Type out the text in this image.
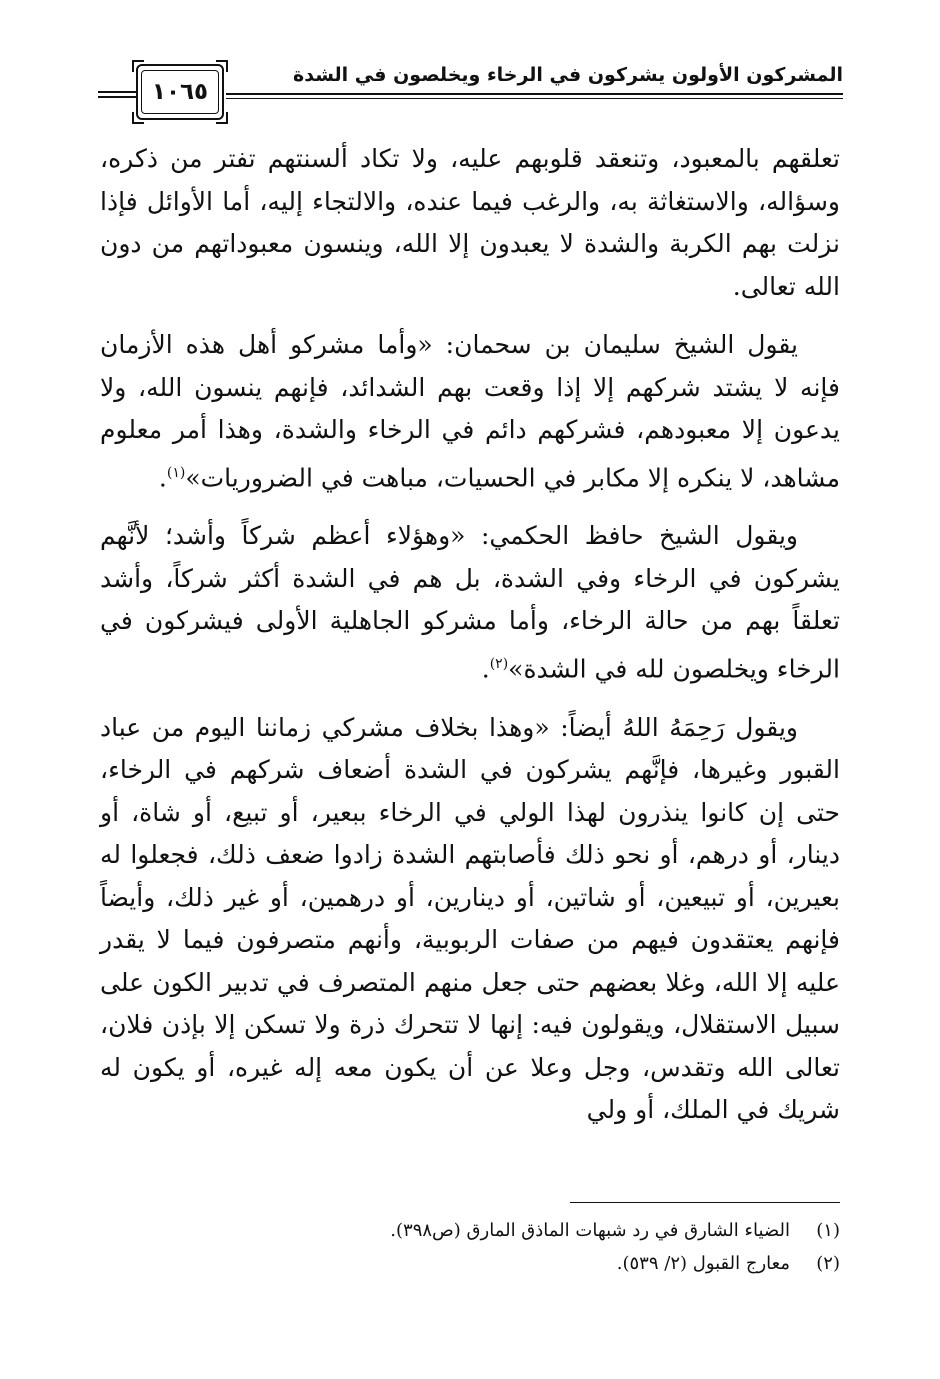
المشركون الأولون يشركون في الرخاء ويخلصون في الشدة
١٠٦٥

تعلقهم بالمعبود، وتنعقد قلوبهم عليه، ولا تكاد ألسنتهم تفتر من ذكره، وسؤاله، والاستغاثة به، والرغب فيما عنده، والالتجاء إليه، أما الأوائل فإذا نزلت بهم الكربة والشدة لا يعبدون إلا الله، وينسون معبوداتهم من دون الله تعالى.

يقول الشيخ سليمان بن سحمان: «وأما مشركو أهل هذه الأزمان فإنه لا يشتد شركهم إلا إذا وقعت بهم الشدائد، فإنهم ينسون الله، ولا يدعون إلا معبودهم، فشركهم دائم في الرخاء والشدة، وهذا أمر معلوم مشاهد، لا ينكره إلا مكابر في الحسيات، مباهت في الضروريات»$^{(١)}$.

ويقول الشيخ حافظ الحكمي: «وهؤلاء أعظم شركاً وأشد؛ لأنَّهم يشركون في الرخاء وفي الشدة، بل هم في الشدة أكثر شركاً، وأشد تعلقاً بهم من حالة الرخاء، وأما مشركو الجاهلية الأولى فيشركون في الرخاء ويخلصون لله في الشدة»$^{(٢)}$.

ويقول رَحِمَهُ اللهُ أيضاً: «وهذا بخلاف مشركي زماننا اليوم من عباد القبور وغيرها، فإنَّهم يشركون في الشدة أضعاف شركهم في الرخاء، حتى إن كانوا ينذرون لهذا الولي في الرخاء ببعير، أو تبيع، أو شاة، أو دينار، أو درهم، أو نحو ذلك فأصابتهم الشدة زادوا ضعف ذلك، فجعلوا له بعيرين، أو تبيعين، أو شاتين، أو دينارين، أو درهمين، أو غير ذلك، وأيضاً فإنهم يعتقدون فيهم من صفات الربوبية، وأنهم متصرفون فيما لا يقدر عليه إلا الله، وغلا بعضهم حتى جعل منهم المتصرف في تدبير الكون على سبيل الاستقلال، ويقولون فيه: إنها لا تتحرك ذرة ولا تسكن إلا بإذن فلان، تعالى الله وتقدس، وجل وعلا عن أن يكون معه إله غيره، أو يكون له شريك في الملك، أو ولي

(١)
الضياء الشارق في رد شبهات الماذق المارق (ص٣٩٨).
(٢)
معارج القبول (٢/ ٥٣٩).
